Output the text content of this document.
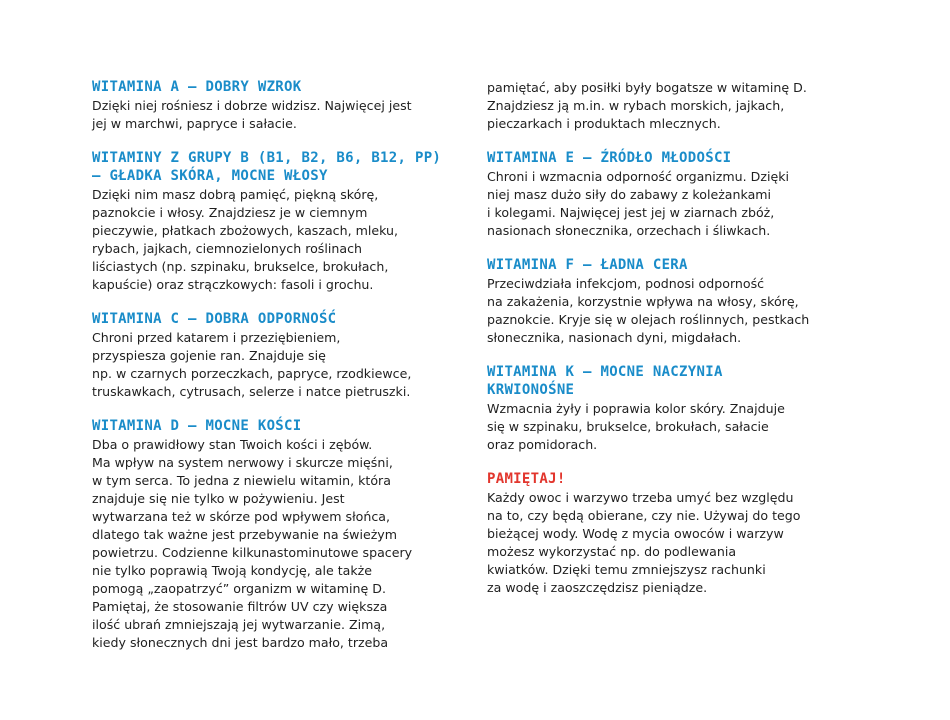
WITAMINA A – DOBRY WZROK

Dzięki niej rośniesz i dobrze widzisz. Najwięcej jest
jej w marchwi, papryce i sałacie.

WITAMINY Z GRUPY B (B1, B2, B6, B12, PP)
– GŁADKA SKÓRA, MOCNE WŁOSY

Dzięki nim masz dobrą pamięć, piękną skórę,
paznokcie i włosy. Znajdziesz je w ciemnym
pieczywie, płatkach zbożowych, kaszach, mleku,
rybach, jajkach, ciemnozielonych roślinach
liściastych (np. szpinaku, brukselce, brokułach,
kapuście) oraz strączkowych: fasoli i grochu.

WITAMINA C – DOBRA ODPORNOŚĆ

Chroni przed katarem i przeziębieniem,
przyspiesza gojenie ran. Znajduje się
np. w czarnych porzeczkach, papryce, rzodkiewce,
truskawkach, cytrusach, selerze i natce pietruszki.

WITAMINA D – MOCNE KOŚCI

Dba o prawidłowy stan Twoich kości i zębów.
Ma wpływ na system nerwowy i skurcze mięśni,
w tym serca. To jedna z niewielu witamin, która
znajduje się nie tylko w pożywieniu. Jest
wytwarzana też w skórze pod wpływem słońca,
dlatego tak ważne jest przebywanie na świeżym
powietrzu. Codzienne kilkunastominutowe spacery
nie tylko poprawią Twoją kondycję, ale także
pomogą „zaopatrzyć” organizm w witaminę D.
Pamiętaj, że stosowanie filtrów UV czy większa
ilość ubrań zmniejszają jej wytwarzanie. Zimą,
kiedy słonecznych dni jest bardzo mało, trzeba

pamiętać, aby posiłki były bogatsze w witaminę D.
Znajdziesz ją m.in. w rybach morskich, jajkach,
pieczarkach i produktach mlecznych.

WITAMINA E – ŹRÓDŁO MŁODOŚCI

Chroni i wzmacnia odporność organizmu. Dzięki
niej masz dużo siły do zabawy z koleżankami
i kolegami. Najwięcej jest jej w ziarnach zbóż,
nasionach słonecznika, orzechach i śliwkach.

WITAMINA F – ŁADNA CERA

Przeciwdziała infekcjom, podnosi odporność
na zakażenia, korzystnie wpływa na włosy, skórę,
paznokcie. Kryje się w olejach roślinnych, pestkach
słonecznika, nasionach dyni, migdałach.

WITAMINA K – MOCNE NACZYNIA
KRWIONOŚNE

Wzmacnia żyły i poprawia kolor skóry. Znajduje
się w szpinaku, brukselce, brokułach, sałacie
oraz pomidorach.

PAMIĘTAJ!

Każdy owoc i warzywo trzeba umyć bez względu
na to, czy będą obierane, czy nie. Używaj do tego
bieżącej wody. Wodę z mycia owoców i warzyw
możesz wykorzystać np. do podlewania
kwiatków. Dzięki temu zmniejszysz rachunki
za wodę i zaoszczędzisz pieniądze.
